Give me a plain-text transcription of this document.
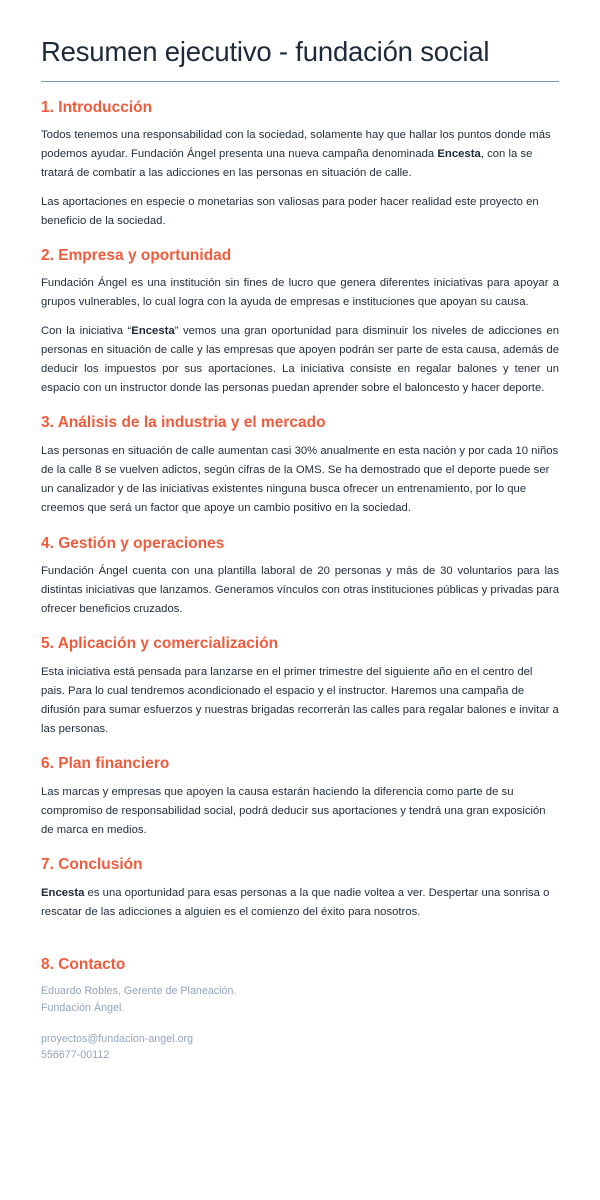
Resumen ejecutivo - fundación social
1. Introducción

Todos tenemos una responsabilidad con la sociedad, solamente hay que hallar los puntos donde más podemos ayudar. Fundación Ángel presenta una nueva campaña denominada Encesta, con la se tratará de combatir a las adicciones en las personas en situación de calle.

Las aportaciones en especie o monetarias son valiosas para poder hacer realidad este proyecto en beneficio de la sociedad.

2. Empresa y oportunidad

Fundación Ángel es una institución sin fines de lucro que genera diferentes iniciativas para apoyar a grupos vulnerables, lo cual logra con la ayuda de empresas e instituciones que apoyan su causa.

Con la iniciativa “Encesta” vemos una gran oportunidad para disminuir los niveles de adicciones en personas en situación de calle y las empresas que apoyen podrán ser parte de esta causa, además de deducir los impuestos por sus aportaciones. La iniciativa consiste en regalar balones y tener un espacio con un instructor donde las personas puedan aprender sobre el baloncesto y hacer deporte.

3. Análisis de la industria y el mercado

Las personas en situación de calle aumentan casi 30% anualmente en esta nación y por cada 10 niños de la calle 8 se vuelven adictos, según cifras de la OMS. Se ha demostrado que el deporte puede ser un canalizador y de las iniciativas existentes ninguna busca ofrecer un entrenamiento, por lo que creemos que será un factor que apoye un cambio positivo en la sociedad.

4. Gestión y operaciones

Fundación Ángel cuenta con una plantilla laboral de 20 personas y más de 30 voluntarios para las distintas iniciativas que lanzamos. Generamos vínculos con otras instituciones públicas y privadas para ofrecer beneficios cruzados.

5. Aplicación y comercialización

Esta iniciativa está pensada para lanzarse en el primer trimestre del siguiente año en el centro del pais. Para lo cual tendremos acondicionado el espacio y el instructor. Haremos una campaña de difusión para sumar esfuerzos y nuestras brigadas recorrerán las calles para regalar balones e invitar a las personas.

6. Plan financiero

Las marcas y empresas que apoyen la causa estarán haciendo la diferencia como parte de su compromiso de responsabilidad social, podrá deducir sus aportaciones y tendrá una gran exposición de marca en medios.

7. Conclusión

Encesta es una oportunidad para esas personas a la que nadie voltea a ver. Despertar una sonrisa o rescatar de las adicciones a alguien es el comienzo del éxito para nosotros.

8. Contacto

Eduardo Robles, Gerente de Planeación.

Fundación Ángel.

proyectos@fundacion-angel.org

556677-00112
